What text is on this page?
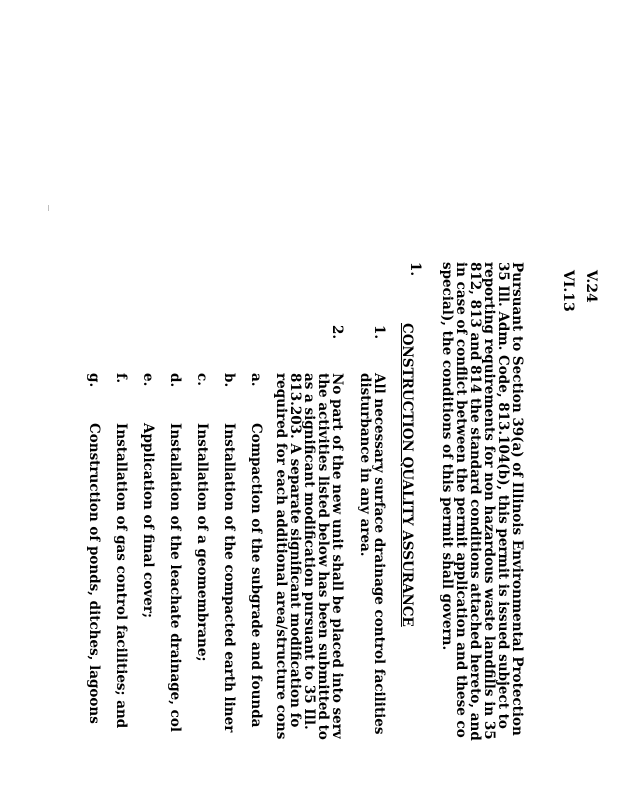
V.24
VI.13
Pursuant to Section 39(a) of Illinois Environmental Protection
35 Ill. Adm. Code, 813.104(b), this permit is issued subject to
reporting requirements for non hazardous waste landfills in 35
812, 813 and 814 the standard conditions attached hereto, and
in case of conflict between the permit application and these co
special), the conditions of this permit shall govern.
1.
CONSTRUCTION QUALITY ASSURANCE
1.
All necessary surface drainage control facilities
disturbance in any area.
2.
No part of the new unit shall be placed into serv
the activities listed below has been submitted to
as a significant modification pursuant to 35 Ill.
813.203. A separate significant modification fo
required for each additional area/structure cons
a.
Compaction of the subgrade and founda
b.
Installation of the compacted earth liner
c.
Installation of a geomembrane;
d.
Installation of the leachate drainage, col
e.
Application of final cover;
f.
Installation of gas control facilities; and
g.
Construction of ponds, ditches, lagoons
